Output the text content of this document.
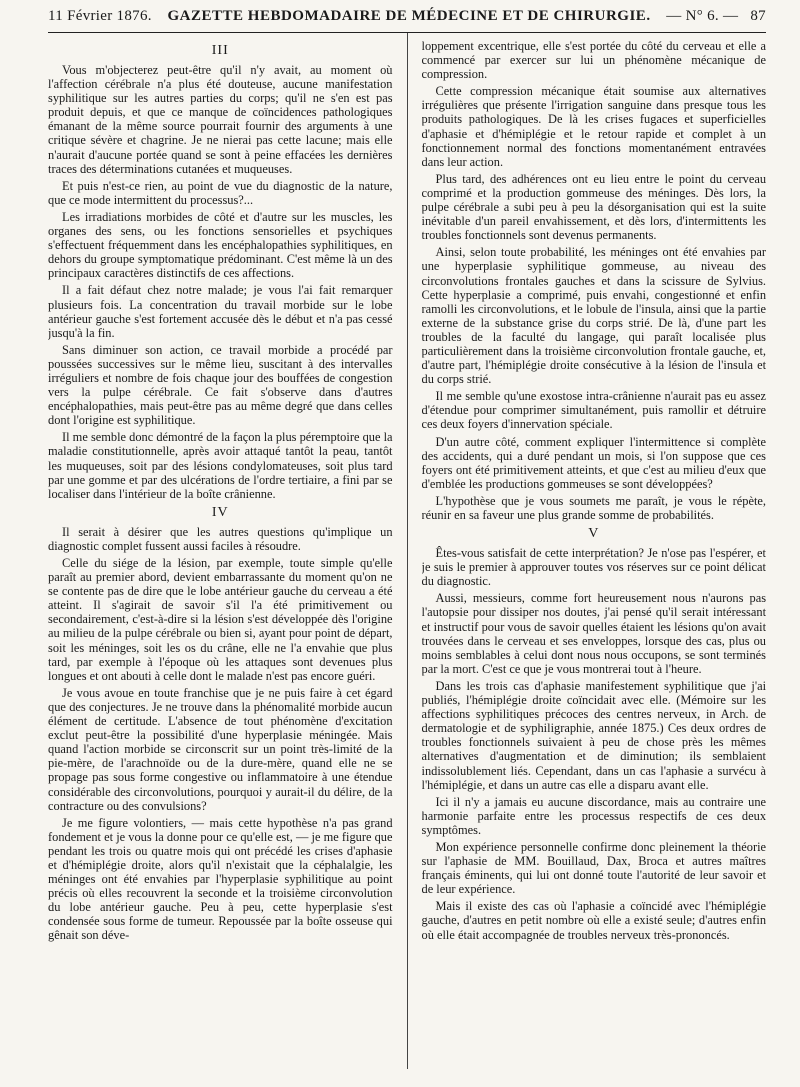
11 Février 1876. GAZETTE HEBDOMADAIRE DE MÉDECINE ET DE CHIRURGIE. — N° 6. — 87
III

Vous m'objecterez peut-être qu'il n'y avait, au moment où l'affection cérébrale n'a plus été douteuse, aucune manifestation syphilitique sur les autres parties du corps; qu'il ne s'en est pas produit depuis, et que ce manque de coïncidences pathologiques émanant de la même source pourrait fournir des arguments à une critique sévère et chagrine. Je ne nierai pas cette lacune; mais elle n'aurait d'aucune portée quand se sont à peine effacées les dernières traces des déterminations cutanées et muqueuses.

Et puis n'est-ce rien, au point de vue du diagnostic de la nature, que ce mode intermittent du processus?...

Les irradiations morbides de côté et d'autre sur les muscles, les organes des sens, ou les fonctions sensorielles et psychiques s'effectuent fréquemment dans les encéphalopathies syphilitiques, en dehors du groupe symptomatique prédominant. C'est même là un des principaux caractères distinctifs de ces affections.

Il a fait défaut chez notre malade; je vous l'ai fait remarquer plusieurs fois. La concentration du travail morbide sur le lobe antérieur gauche s'est fortement accusée dès le début et n'a pas cessé jusqu'à la fin.

Sans diminuer son action, ce travail morbide a procédé par poussées successives sur le même lieu, suscitant à des intervalles irréguliers et nombre de fois chaque jour des bouffées de congestion vers la pulpe cérébrale. Ce fait s'observe dans d'autres encéphalopathies, mais peut-être pas au même degré que dans celles dont l'origine est syphilitique.

Il me semble donc démontré de la façon la plus péremptoire que la maladie constitutionnelle, après avoir attaqué tantôt la peau, tantôt les muqueuses, soit par des lésions condylomateuses, soit plus tard par une gomme et par des ulcérations de l'ordre tertiaire, a fini par se localiser dans l'intérieur de la boîte crânienne.

IV

Il serait à désirer que les autres questions qu'implique un diagnostic complet fussent aussi faciles à résoudre.

Celle du siége de la lésion, par exemple, toute simple qu'elle paraît au premier abord, devient embarrassante du moment qu'on ne se contente pas de dire que le lobe antérieur gauche du cerveau a été atteint. Il s'agirait de savoir s'il l'a été primitivement ou secondairement, c'est-à-dire si la lésion s'est développée dès l'origine au milieu de la pulpe cérébrale ou bien si, ayant pour point de départ, soit les méninges, soit les os du crâne, elle ne l'a envahie que plus tard, par exemple à l'époque où les attaques sont devenues plus longues et ont abouti à celle dont le malade n'est pas encore guéri.

Je vous avoue en toute franchise que je ne puis faire à cet égard que des conjectures. Je ne trouve dans la phénomalité morbide aucun élément de certitude. L'absence de tout phénomène d'excitation exclut peut-être la possibilité d'une hyperplasie méningée. Mais quand l'action morbide se circonscrit sur un point très-limité de la pie-mère, de l'arachnoïde ou de la dure-mère, quand elle ne se propage pas sous forme congestive ou inflammatoire à une étendue considérable des circonvolutions, pourquoi y aurait-il du délire, de la contracture ou des convulsions?

Je me figure volontiers, — mais cette hypothèse n'a pas grand fondement et je vous la donne pour ce qu'elle est, — je me figure que pendant les trois ou quatre mois qui ont précédé les crises d'aphasie et d'hémiplégie droite, alors qu'il n'existait que la céphalalgie, les méninges ont été envahies par l'hyperplasie syphilitique au point précis où elles recouvrent la seconde et la troisième circonvolution du lobe antérieur gauche. Peu à peu, cette hyperplasie s'est condensée sous forme de tumeur. Repoussée par la boîte osseuse qui gênait son déve-

loppement excentrique, elle s'est portée du côté du cerveau et elle a commencé par exercer sur lui un phénomène mécanique de compression.

Cette compression mécanique était soumise aux alternatives irrégulières que présente l'irrigation sanguine dans presque tous les produits pathologiques. De là les crises fugaces et superficielles d'aphasie et d'hémiplégie et le retour rapide et complet à un fonctionnement normal des fonctions momentanément entravées dans leur action.

Plus tard, des adhérences ont eu lieu entre le point du cerveau comprimé et la production gommeuse des méninges. Dès lors, la pulpe cérébrale a subi peu à peu la désorganisation qui est la suite inévitable d'un pareil envahissement, et dès lors, d'intermittents les troubles fonctionnels sont devenus permanents.

Ainsi, selon toute probabilité, les méninges ont été envahies par une hyperplasie syphilitique gommeuse, au niveau des circonvolutions frontales gauches et dans la scissure de Sylvius. Cette hyperplasie a comprimé, puis envahi, congestionné et enfin ramolli les circonvolutions, et le lobule de l'insula, ainsi que la partie externe de la substance grise du corps strié. De là, d'une part les troubles de la faculté du langage, qui paraît localisée plus particulièrement dans la troisième circonvolution frontale gauche, et, d'autre part, l'hémiplégie droite consécutive à la lésion de l'insula et du corps strié.

Il me semble qu'une exostose intra-crânienne n'aurait pas eu assez d'étendue pour comprimer simultanément, puis ramollir et détruire ces deux foyers d'innervation spéciale.

D'un autre côté, comment expliquer l'intermittence si complète des accidents, qui a duré pendant un mois, si l'on suppose que ces foyers ont été primitivement atteints, et que c'est au milieu d'eux que d'emblée les productions gommeuses se sont développées?

L'hypothèse que je vous soumets me paraît, je vous le répète, réunir en sa faveur une plus grande somme de probabilités.

V

Êtes-vous satisfait de cette interprétation? Je n'ose pas l'espérer, et je suis le premier à approuver toutes vos réserves sur ce point délicat du diagnostic.

Aussi, messieurs, comme fort heureusement nous n'aurons pas l'autopsie pour dissiper nos doutes, j'ai pensé qu'il serait intéressant et instructif pour vous de savoir quelles étaient les lésions qu'on avait trouvées dans le cerveau et ses enveloppes, lorsque des cas, plus ou moins semblables à celui dont nous nous occupons, se sont terminés par la mort. C'est ce que je vous montrerai tout à l'heure.

Dans les trois cas d'aphasie manifestement syphilitique que j'ai publiés, l'hémiplégie droite coïncidait avec elle. (Mémoire sur les affections syphilitiques précoces des centres nerveux, in Arch. de dermatologie et de syphiligraphie, année 1875.) Ces deux ordres de troubles fonctionnels suivaient à peu de chose près les mêmes alternatives d'augmentation et de diminution; ils semblaient indissolublement liés. Cependant, dans un cas l'aphasie a survécu à l'hémiplégie, et dans un autre cas elle a disparu avant elle.

Ici il n'y a jamais eu aucune discordance, mais au contraire une harmonie parfaite entre les processus respectifs de ces deux symptômes.

Mon expérience personnelle confirme donc pleinement la théorie sur l'aphasie de MM. Bouillaud, Dax, Broca et autres maîtres français éminents, qui lui ont donné toute l'autorité de leur savoir et de leur expérience.

Mais il existe des cas où l'aphasie a coïncidé avec l'hémiplégie gauche, d'autres en petit nombre où elle a existé seule; d'autres enfin où elle était accompagnée de troubles nerveux très-prononcés.
